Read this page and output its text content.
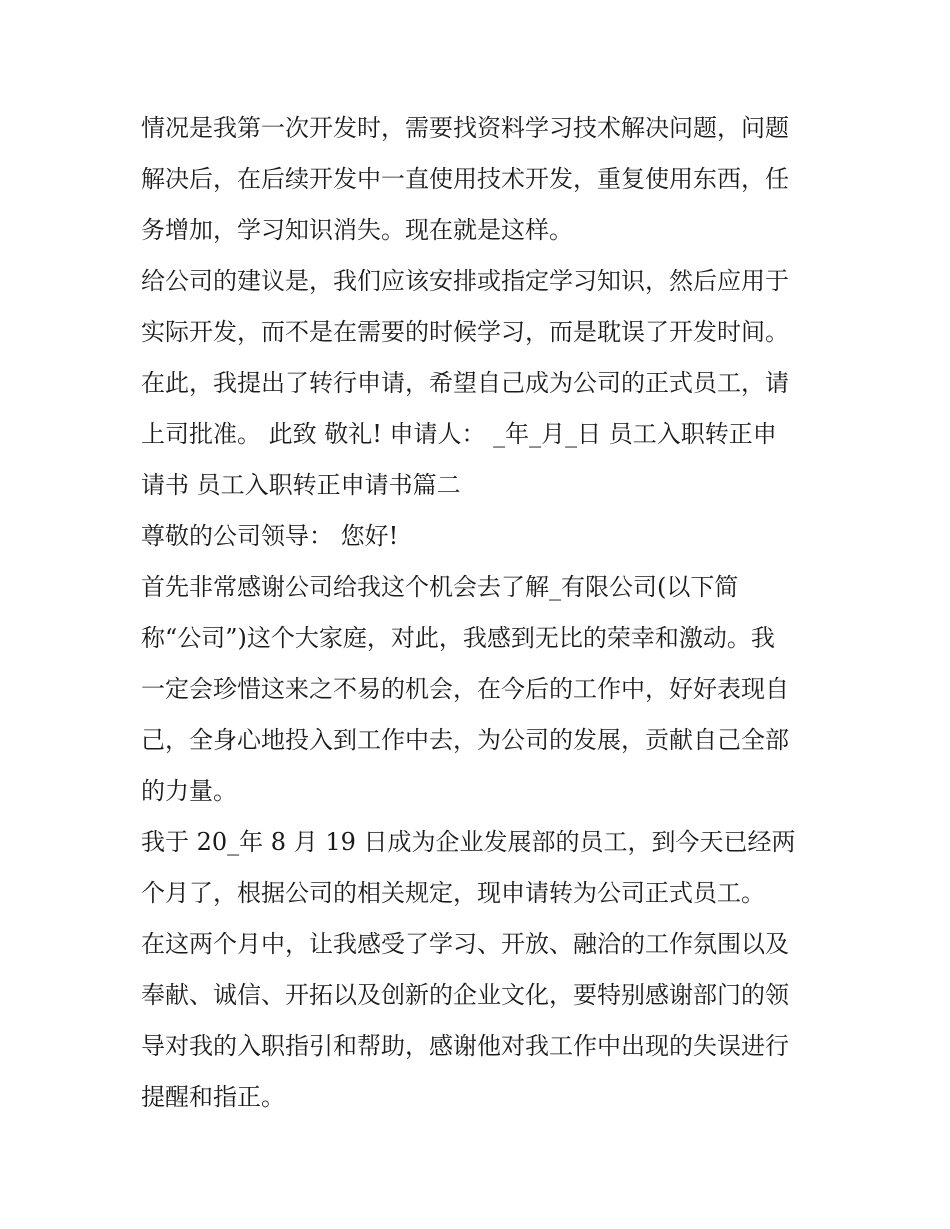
情况是我第一次开发时，需要找资料学习技术解决问题，问题
解决后，在后续开发中一直使用技术开发，重复使用东西，任
务增加，学习知识消失。现在就是这样。

给公司的建议是，我们应该安排或指定学习知识，然后应用于
实际开发，而不是在需要的时候学习，而是耽误了开发时间。

在此，我提出了转行申请，希望自己成为公司的正式员工，请
上司批准。 此致 敬礼! 申请人： _年_月_日 员工入职转正申
请书 员工入职转正申请书篇二

尊敬的公司领导： 您好!

首先非常感谢公司给我这个机会去了解_有限公司(以下简
称“公司”)这个大家庭，对此，我感到无比的荣幸和激动。我
一定会珍惜这来之不易的机会，在今后的工作中，好好表现自
己，全身心地投入到工作中去，为公司的发展，贡献自己全部
的力量。

我于 20_年 8 月 19 日成为企业发展部的员工，到今天已经两
个月了，根据公司的相关规定，现申请转为公司正式员工。

在这两个月中，让我感受了学习、开放、融洽的工作氛围以及
奉献、诚信、开拓以及创新的企业文化，要特别感谢部门的领
导对我的入职指引和帮助，感谢他对我工作中出现的失误进行
提醒和指正。
